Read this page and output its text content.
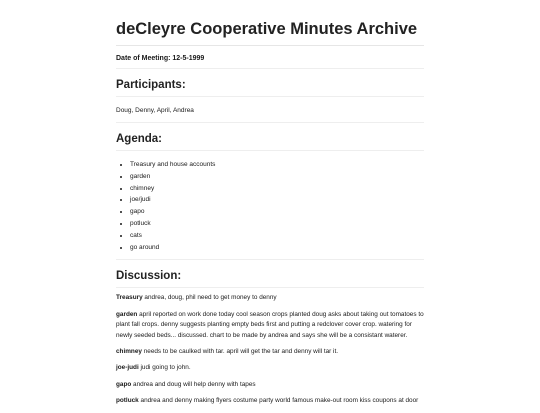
deCleyre Cooperative Minutes Archive
Date of Meeting: 12-5-1999
Participants:
Doug, Denny, April, Andrea
Agenda:
• Treasury and house accounts
• garden
• chimney
• joe/judi
• gapo
• potluck
• cats
• go around
Discussion:

Treasury andrea, doug, phil need to get money to denny

garden april reported on work done today cool season crops planted doug asks about taking out tomatoes to plant fall crops. denny suggests planting empty beds first and putting a redclover cover crop. watering for newly seeded beds... discussed. chart to be made by andrea and says she will be a consistant waterer.

chimney needs to be caulked with tar. april will get the tar and denny will tar it.

joe-judi judi going to john.

gapo andrea and doug will help denny with tapes

potluck andrea and denny making flyers costume party world famous make-out room kiss coupons at door
